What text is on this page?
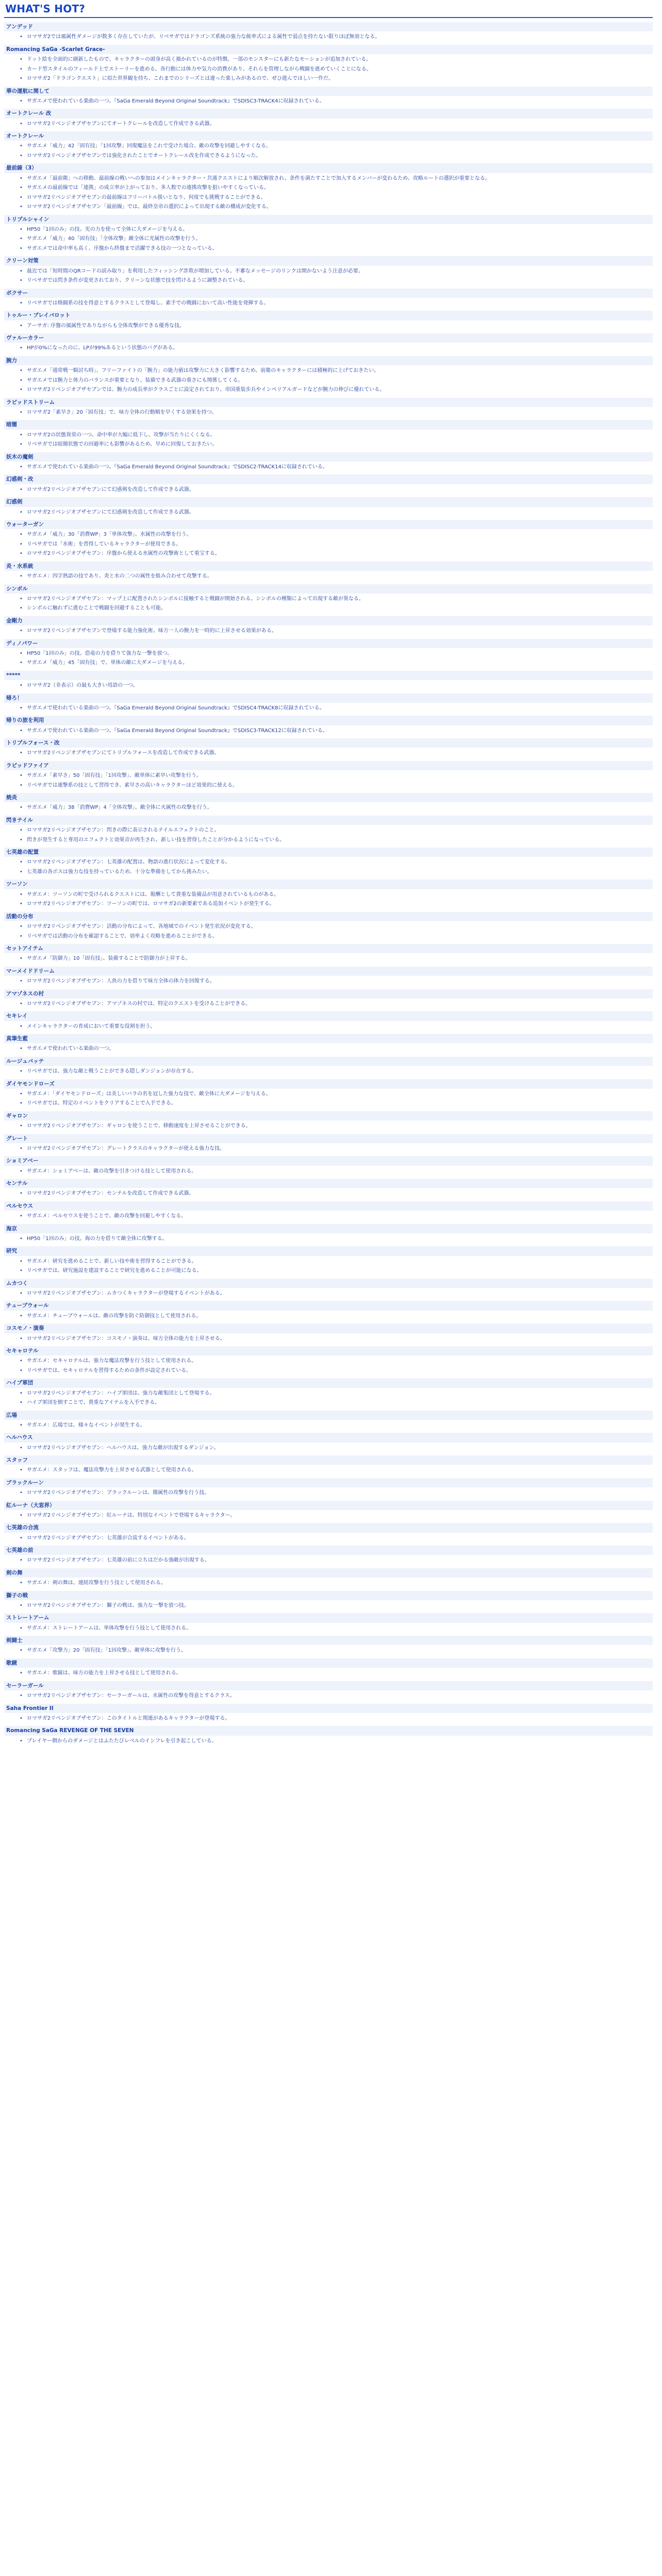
WHAT'S HOT?
アンデッド
• ロマサガ2では風属性ダメージが数多く存在していたが、リベサガではドラゴンズ系統の強力な統率式による属性で弱点を持たない限りほぼ無効となる。
Romancing SaGa -Scarlet Grace-
• ドット絵を全面的に刷新したもので、キャラクターの頭身が高く描かれているのが特徴。一部のモンスターにも新たなモーションが追加されている。
• カード型スタイルのフィールド上でストーリーを進める。各行動には体力や気力の消費があり、それらを管理しながら戦闘を進めていくことになる。
• ロマサガ2「ドラゴンクエスト」に似た世界観を持ち、これまでのシリーズとは違った楽しみがあるので、ぜひ遊んでほしい一作だ。
華の運航に関して
• サガエメで使われている楽曲の一つ。『SaGa Emerald Beyond Original Soundtrack』でSDISC3-TRACK4に収録されている。
オートクレール 改
• ロマサガ2リベンジオブザセブンにてオートクレールを改造して作成できる武器。
オートクレール
• サガエメ「威力」42「固有技」「1回攻撃」回復魔法をこれで受けた場合、敵の攻撃を回避しやすくなる。
• ロマサガ2リベンジオブザセブンでは強化されたことでオートクレール改を作成できるようになった。
最前線（3）
• サガエメ「最前衛」への移動、最前線の戦いへの参加はメインキャラクター・共通クエストにより順次解放され、条件を満たすことで加入するメンバーが変わるため、攻略ルートの選択が重要となる。
• サガエメの最前線では「連携」の成立率が上がっており、多人数での連携攻撃を狙いやすくなっている。
• ロマサガ2リベンジオブザセブンの最前線はフリーバトル扱いとなり、何度でも挑戦することができる。
• ロマサガ2リベンジオブザセブン「最前線」では、最終皇帝の選択によって出現する敵の構成が変化する。
トリプルシャイン
• HP50「1回のみ」の技。光の力を使って全体に大ダメージを与える。
• サガエメ「威力」40「固有技」「全体攻撃」敵全体に光属性の攻撃を行う。
• サガエメでは命中率も高く、序盤から終盤まで活躍できる技の一つとなっている。
クリーン対策
• 最近では「短時間のQRコードの読み取り」を利用したフィッシング詐欺が増加している。不審なメッセージのリンクは開かないよう注意が必要。
• リベサガでは閃き条件が変更されており、クリーンな状態で技を閃けるように調整されている。
ボクサー
• リベサガでは格闘系の技を得意とするクラスとして登場し、素手での戦闘において高い性能を発揮する。
トゥルー・ブレイバロット
• アーサガ: 序盤の風属性でありながらも全体攻撃ができる優秀な技。
ヴァルーカラー
• HPが0%になったのに、LPが99%あるという状態のバグがある。
腕力
• サガエメ「通常戦一騎討ち時」、フリーファイトの「腕力」の能力値は攻撃力に大きく影響するため、前衛のキャラクターには積極的に上げておきたい。
• サガエメでは腕力と体力のバランスが重要となり、装備できる武器の重さにも関係してくる。
• ロマサガ2リベンジオブザセブンでは、腕力の成長率がクラスごとに設定されており、帝国重装歩兵やインペリアルガードなどが腕力の伸びに優れている。
ラピッドストリーム
• ロマサガ2「素早さ」20「固有技」で、味方全体の行動順を早くする効果を持つ。
暗闇
• ロマサガ2の状態異常の一つ。命中率が大幅に低下し、攻撃が当たりにくくなる。
• リベサガでは暗闇状態での回避率にも影響があるため、早めに回復しておきたい。
妖木の魔剣
• サガエメで使われている楽曲の一つ。『SaGa Emerald Beyond Original Soundtrack』でSDISC2-TRACK14に収録されている。
幻惑剣・改
• ロマサガ2リベンジオブザセブンにて幻惑剣を改造して作成できる武器。
幻惑剣
• ロマサガ2リベンジオブザセブンにて幻惑剣を改造して作成できる武器。
ウォーターガン
• サガエメ「威力」30「消費WP」3「単体攻撃」、水属性の攻撃を行う。
• リベサガでは「水術」を習得しているキャラクターが使用できる。
• ロマサガ2リベンジオブザセブン：序盤から使える水属性の攻撃術として重宝する。
炎・水系統
• サガエメ：四字熟語の技であり、炎と水の二つの属性を組み合わせて攻撃する。
シンボル
• ロマサガ2リベンジオブザセブン：マップ上に配置されたシンボルに接触すると戦闘が開始される。シンボルの種類によって出現する敵が異なる。
• シンボルに触れずに進むことで戦闘を回避することも可能。
金剛力
• ロマサガ2リベンジオブザセブンで登場する能力強化術。味方一人の腕力を一時的に上昇させる効果がある。
ディノパワー
• HP50「1回のみ」の技。恐竜の力を借りて強力な一撃を放つ。
• サガエメ「威力」45「固有技」で、単体の敵に大ダメージを与える。
*****
• ロマサガ2（非表示）の最も大きい用語の一つ。
帰ろ！
• サガエメで使われている楽曲の一つ。『SaGa Emerald Beyond Original Soundtrack』でSDISC4-TRACK8に収録されている。
帰りの旅を利用
• サガエメで使われている楽曲の一つ。『SaGa Emerald Beyond Original Soundtrack』でSDISC3-TRACK12に収録されている。
トリプルフォース・改
• ロマサガ2リベンジオブザセブンにてトリプルフォースを改造して作成できる武器。
ラピッドファイア
• サガエメ「素早さ」50「固有技」「1回攻撃」、敵単体に素早い攻撃を行う。
• リベサガでは連撃系の技として習得でき、素早さの高いキャラクターほど効果的に使える。
焼炎
• サガエメ「威力」38「消費WP」4「全体攻撃」、敵全体に火属性の攻撃を行う。
閃きテイル
• ロマサガ2リベンジオブザセブン：閃きの際に表示されるテイルエフェクトのこと。
• 閃きが発生すると専用のエフェクトと効果音が再生され、新しい技を習得したことが分かるようになっている。
七英雄の配置
• ロマサガ2リベンジオブザセブン：七英雄の配置は、物語の進行状況によって変化する。
• 七英雄の各ボスは強力な技を持っているため、十分な準備をしてから挑みたい。
ツーソン
• サガエメ：ツーソンの町で受けられるクエストには、報酬として貴重な装備品が用意されているものがある。
• ロマサガ2リベンジオブザセブン：ツーソンの町では、ロマサガ2の新要素である追加イベントが発生する。
活動の分布
• ロマサガ2リベンジオブザセブン：活動の分布によって、各地域でのイベント発生状況が変化する。
• リベサガでは活動の分布を確認することで、効率よく攻略を進めることができる。
セットアイテム
• サガエメ「防御力」10「固有技」、装備することで防御力が上昇する。
マーメイドドリーム
• ロマサガ2リベンジオブザセブン：人魚の力を借りて味方全体の体力を回復する。
アマゾネスの村
• ロマサガ2リベンジオブザセブン：アマゾネスの村では、特定のクエストを受けることができる。
セキレイ
• メインキャラクターの育成において重要な役割を担う。
真筆生藍
• サガエメで使われている楽曲の一つ。
ルージュバッテ
• リベサガでは、強力な敵と戦うことができる隠しダンジョンが存在する。
ダイヤモンドローズ
• サガエメ：「ダイヤモンドローズ」は美しいバラの名を冠した強力な技で、敵全体に大ダメージを与える。
• リベサガでは、特定のイベントをクリアすることで入手できる。
ギャロン
• ロマサガ2リベンジオブザセブン：ギャロンを使うことで、移動速度を上昇させることができる。
グレート
• ロマサガ2リベンジオブザセブン：グレートクラスのキャラクターが使える強力な技。
ショミアベー
• サガエメ：ショミアベーは、敵の攻撃を引きつける技として使用される。
センテル
• ロマサガ2リベンジオブザセブン：センテルを改造して作成できる武器。
ペルセウス
• サガエメ：ペルセウスを使うことで、敵の攻撃を回避しやすくなる。
海京
• HP50「1回のみ」の技。海の力を借りて敵全体に攻撃する。
研究
• サガエメ：研究を進めることで、新しい技や術を習得することができる。
• リベサガでは、研究施設を建設することで研究を進めることが可能になる。
ムカつく
• ロマサガ2リベンジオブザセブン：ムカつくキャラクターが登場するイベントがある。
チューブウォール
• サガエメ：チューブウォールは、敵の攻撃を防ぐ防御技として使用される。
コスモノ・演奏
• ロマサガ2リベンジオブザセブン：コスモノ・演奏は、味方全体の能力を上昇させる。
セキャロテル
• サガエメ：セキャロテルは、強力な魔法攻撃を行う技として使用される。
• リベサガでは、セキャロテルを習得するための条件が設定されている。
ハイブ軍団
• ロマサガ2リベンジオブザセブン：ハイブ軍団は、強力な敵集団として登場する。
• ハイブ軍団を倒すことで、貴重なアイテムを入手できる。
広場
• サガエメ：広場では、様々なイベントが発生する。
ヘルハウス
• ロマサガ2リベンジオブザセブン：ヘルハウスは、強力な敵が出現するダンジョン。
スタッフ
• サガエメ：スタッフは、魔法攻撃力を上昇させる武器として使用される。
ブラックルーン
• ロマサガ2リベンジオブザセブン：ブラックルーンは、闇属性の攻撃を行う技。
紅ルーナ（大窓界）
• ロマサガ2リベンジオブザセブン：紅ルーナは、特別なイベントで登場するキャラクター。
七英雄の合流
• ロマサガ2リベンジオブザセブン：七英雄が合流するイベントがある。
七英雄の前
• ロマサガ2リベンジオブザセブン：七英雄の前に立ちはだかる強敵が出現する。
剣の舞
• サガエメ：剣の舞は、連続攻撃を行う技として使用される。
獅子の戦
• ロマサガ2リベンジオブザセブン：獅子の戦は、強力な一撃を放つ技。
ストレートアーム
• サガエメ：ストレートアームは、単体攻撃を行う技として使用される。
剣闘士
• サガエメ「攻撃力」20「固有技」「1回攻撃」、敵単体に攻撃を行う。
歌鏡
• サガエメ：歌鏡は、味方の能力を上昇させる技として使用される。
セーラーガール
• ロマサガ2リベンジオブザセブン：セーラーガールは、水属性の攻撃を得意とするクラス。
Saha Frontier II
• ロマサガ2リベンジオブザセブン：このタイトルと関連があるキャラクターが登場する。
Romancing SaGa REVENGE OF THE SEVEN
• プレイヤー側からのダメージとはふたたびレベルのインフレを引き起こしている。
